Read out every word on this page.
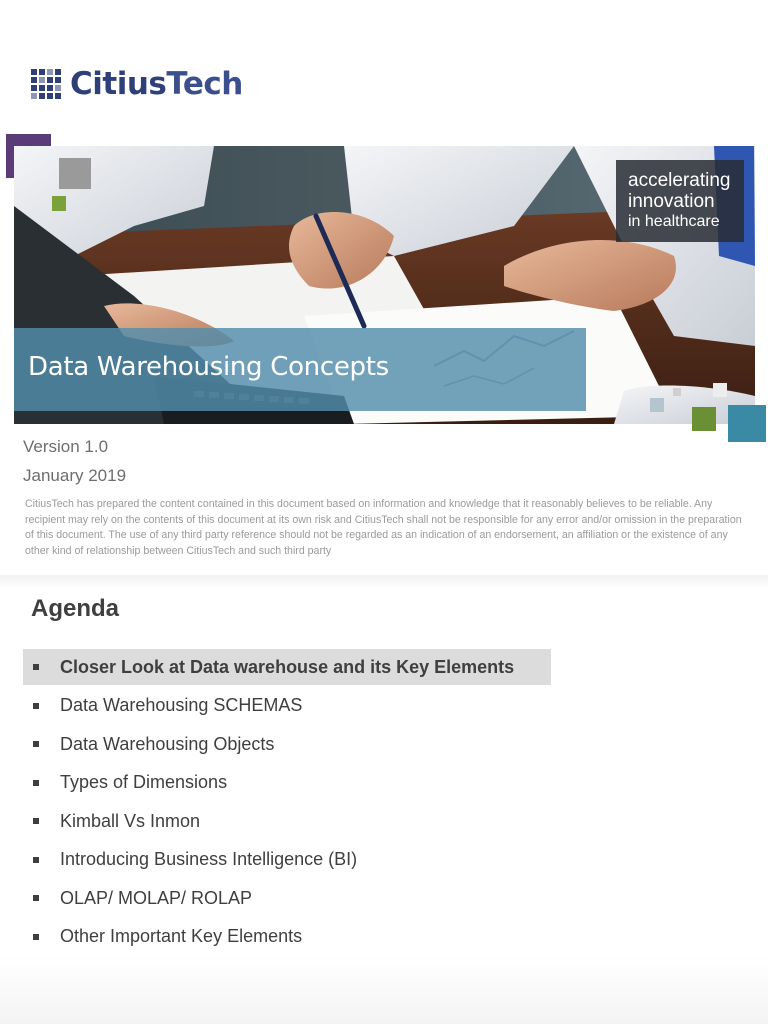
CitiusTech
accelerating
innovation
in healthcare
Data Warehousing Concepts
Version 1.0
January 2019

CitiusTech has prepared the content contained in this document based on information and knowledge that it reasonably believes to be reliable. Any recipient may rely on the contents of this document at its own risk and CitiusTech shall not be responsible for any error and/or omission in the preparation of this document. The use of any third party reference should not be regarded as an indication of an endorsement, an affiliation or the existence of any other kind of relationship between CitiusTech and such third party

Agenda
Closer Look at Data warehouse and its Key Elements
Data Warehousing SCHEMAS
Data Warehousing Objects
Types of Dimensions
Kimball Vs Inmon
Introducing Business Intelligence (BI)
OLAP/ MOLAP/ ROLAP
Other Important Key Elements
